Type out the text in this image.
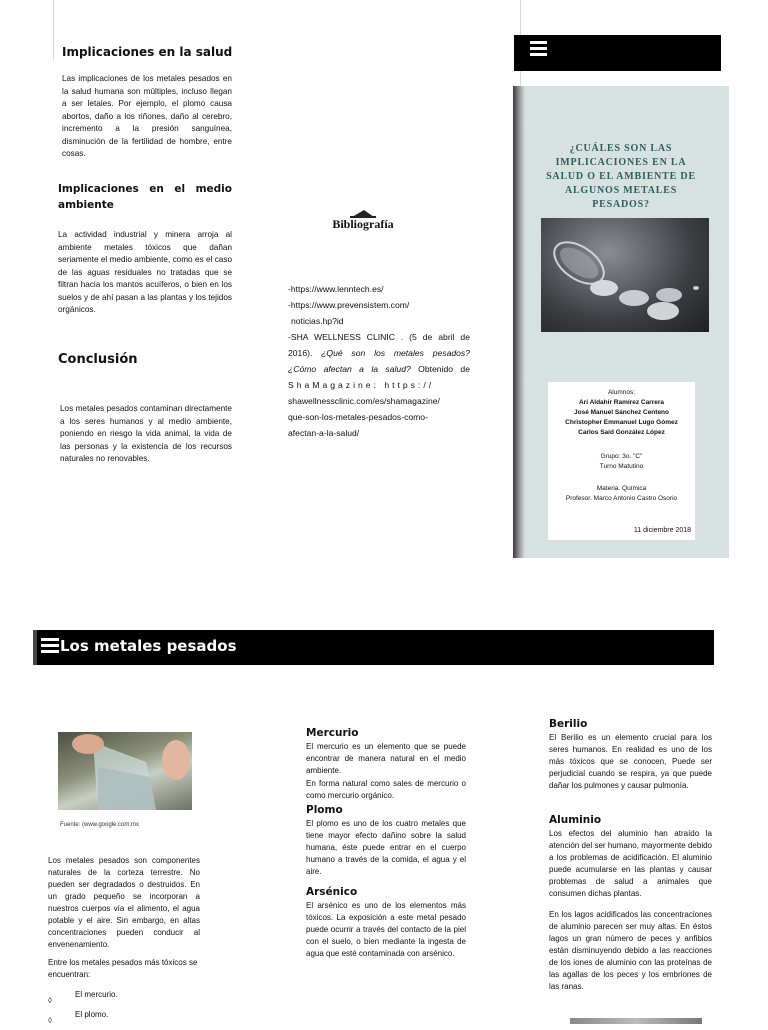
Implicaciones en la salud
Las implicaciones de los metales pesados en la salud humana son múltiples, incluso llegan a ser letales. Por ejemplo, el plomo causa abortos, daño a los riñones, daño al cerebro, incremento a la presión sanguínea, disminución de la fertilidad de hombre, entre cosas.
Implicaciones en el medio ambiente
La actividad industrial y minera arroja al ambiente metales tóxicos que dañan seriamente el medio ambiente, como es el caso de las aguas residuales no tratadas que se filtran hacia los mantos acuíferos, o bien en los suelos y de ahí pasan a las plantas y los tejidos orgánicos.
Conclusión
Los metales pesados contaminan directamente a los seres humanos y al medio ambiente, poniendo en riesgo la vida animal, la vida de las personas y la existencia de los recursos naturales no renovables.
Bibliografía
-https://www.lenntech.es/
-https://www.prevensistem.com/
noticias.hp?id
-SHA WELLNESS CLINIC . (5 de abril de
2016). ¿Qué son los metales pesados?
¿Cómo afectan a la salud? Obtenido de
ShaMagazine: https://
shawellnessclinic.com/es/shamagazine/
que-son-los-metales-pesados-como-
afectan-a-la-salud/
¿CUÁLES SON LAS IMPLICACIONES EN LA SALUD O EL AMBIENTE DE ALGUNOS METALES PESADOS?
Alumnos:
Ari Aldahir Ramírez Carrera
José Manuel Sánchez Centeno
Christopher Emmanuel Lugo Gómez
Carlos Saíd González López
Grupo: 3o. "C"
Turno Matutino
Materia. Química
Profesor. Marco Antonio Castro Osorio
11 diciembre 2018
Los metales pesados
Fuente: (www.google.com.mx
Los metales pesados son componentes naturales de la corteza terrestre. No pueden ser degradados o destruidos. En un grado pequeño se incorporan a nuestros cuerpos vía el alimento, el agua potable y el aire. Sin embargo, en altas concentraciones pueden conducir al envenenamiento.
Entre los metales pesados más tóxicos se encuentran:
◊
El mercurio.
◊
El plomo.
Mercurio
El mercurio es un elemento que se puede encontrar de manera natural en el medio ambiente.
En forma natural como sales de mercurio o como mercurio orgánico.
Plomo
El plomo es uno de los cuatro metales que tiene mayor efecto dañino sobre la salud humana, éste puede entrar en el cuerpo humano a través de la comida, el agua y el aire.
Arsénico
El arsénico es uno de los elementos más tóxicos. La exposición a este metal pesado puede ocurrir a través del contacto de la piel con el suelo, o bien mediante la ingesta de agua que esté contaminada con arsénico.
Berilio
El Berilio es un elemento crucial para los seres humanos. En realidad es uno de los más tóxicos que se conocen, Puede ser perjudicial cuando se respira, ya que puede dañar los pulmones y causar pulmonía.
Aluminio
Los efectos del aluminio han atraído la atención del ser humano, mayormente debido a los problemas de acidificación. El aluminio puede acumularse en las plantas y causar problemas de salud a animales que consumen dichas plantas.
En los lagos acidificados las concentraciones de aluminio parecen ser muy altas. En éstos lagos un gran número de peces y anfibios están disminuyendo debido a las reacciones de los iones de aluminio con las proteínas de las agallas de los peces y los embriones de las ranas.
